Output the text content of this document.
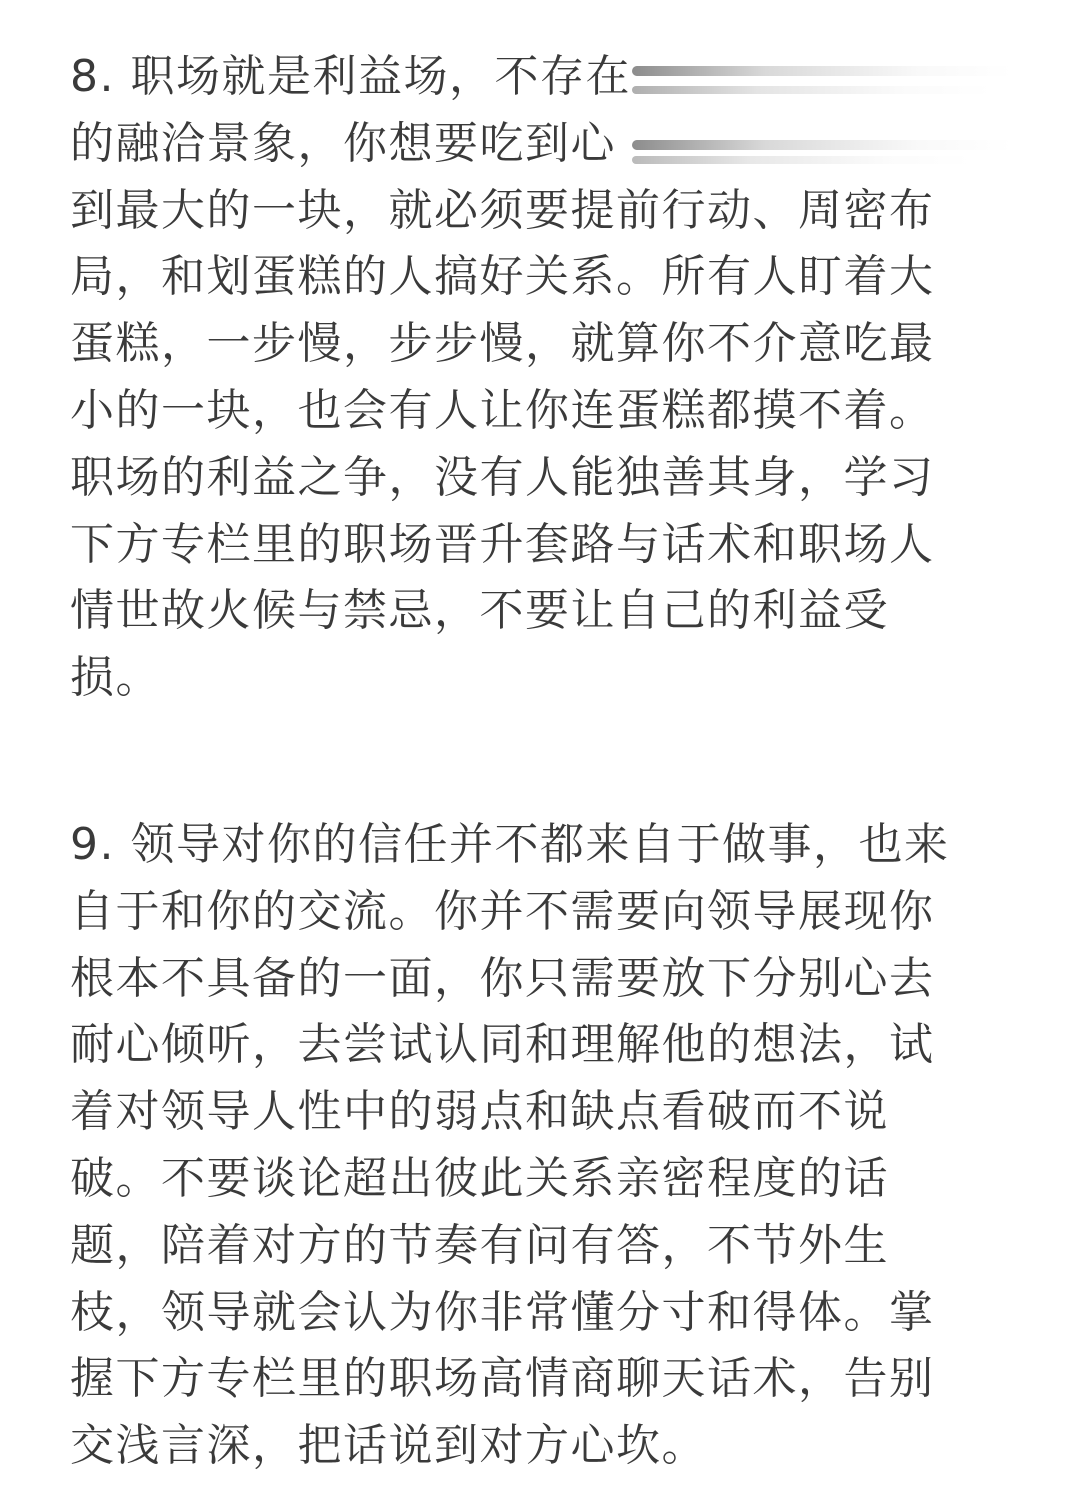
8. 职场就是利益场，不存在
的融洽景象，你想要吃到心
到最大的一块，就必须要提前行动、周密布
局，和划蛋糕的人搞好关系。所有人盯着大
蛋糕，一步慢，步步慢，就算你不介意吃最
小的一块，也会有人让你连蛋糕都摸不着。
职场的利益之争，没有人能独善其身，学习
下方专栏里的职场晋升套路与话术和职场人
情世故火候与禁忌，不要让自己的利益受
损。
9. 领导对你的信任并不都来自于做事，也来
自于和你的交流。你并不需要向领导展现你
根本不具备的一面，你只需要放下分别心去
耐心倾听，去尝试认同和理解他的想法，试
着对领导人性中的弱点和缺点看破而不说
破。不要谈论超出彼此关系亲密程度的话
题，陪着对方的节奏有问有答，不节外生
枝，领导就会认为你非常懂分寸和得体。掌
握下方专栏里的职场高情商聊天话术，告别
交浅言深，把话说到对方心坎。
